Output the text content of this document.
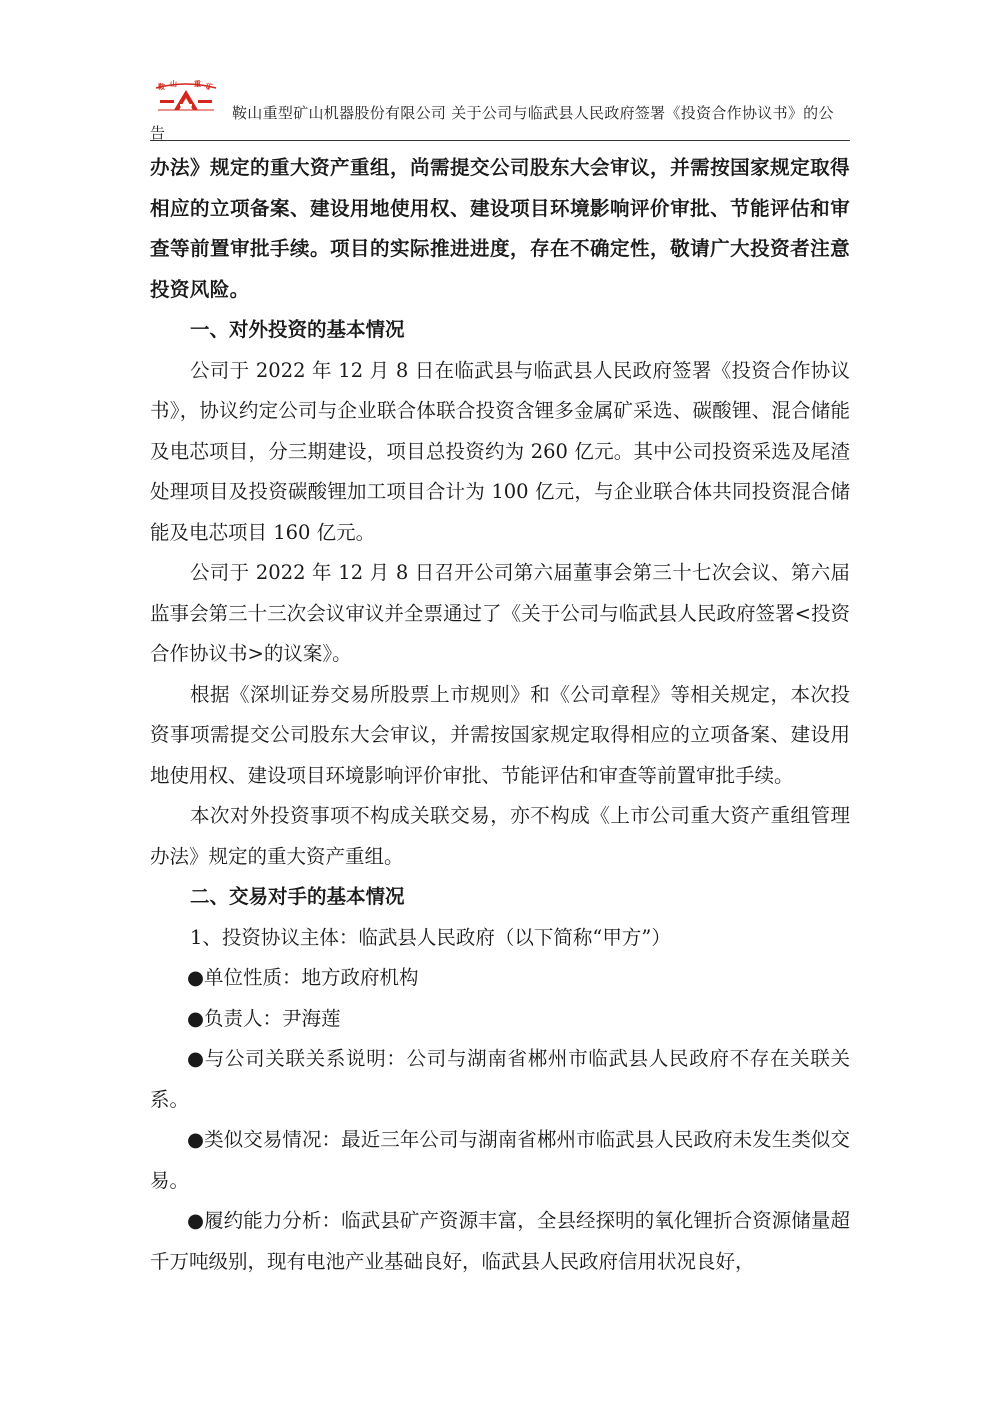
鞍 山 重 矿
鞍山重型矿山机器股份有限公司 关于公司与临武县人民政府签署《投资合作协议书》的公
告

办法》规定的重大资产重组，尚需提交公司股东大会审议，并需按国家规定取得相应的立项备案、建设用地使用权、建设项目环境影响评价审批、节能评估和审查等前置审批手续。项目的实际推进进度，存在不确定性，敬请广大投资者注意投资风险。

一、对外投资的基本情况

公司于 2022 年 12 月 8 日在临武县与临武县人民政府签署《投资合作协议书》，协议约定公司与企业联合体联合投资含锂多金属矿采选、碳酸锂、混合储能及电芯项目，分三期建设，项目总投资约为 260 亿元。其中公司投资采选及尾渣处理项目及投资碳酸锂加工项目合计为 100 亿元，与企业联合体共同投资混合储能及电芯项目 160 亿元。

公司于 2022 年 12 月 8 日召开公司第六届董事会第三十七次会议、第六届监事会第三十三次会议审议并全票通过了《关于公司与临武县人民政府签署<投资合作协议书>的议案》。

根据《深圳证券交易所股票上市规则》和《公司章程》等相关规定，本次投资事项需提交公司股东大会审议，并需按国家规定取得相应的立项备案、建设用地使用权、建设项目环境影响评价审批、节能评估和审查等前置审批手续。

本次对外投资事项不构成关联交易，亦不构成《上市公司重大资产重组管理办法》规定的重大资产重组。

二、交易对手的基本情况

1、投资协议主体：临武县人民政府（以下简称“甲方”）

●单位性质：地方政府机构

●负责人：尹海莲

●与公司关联关系说明：公司与湖南省郴州市临武县人民政府不存在关联关系。

●类似交易情况：最近三年公司与湖南省郴州市临武县人民政府未发生类似交易。

●履约能力分析：临武县矿产资源丰富，全县经探明的氧化锂折合资源储量超千万吨级别，现有电池产业基础良好，临武县人民政府信用状况良好，
